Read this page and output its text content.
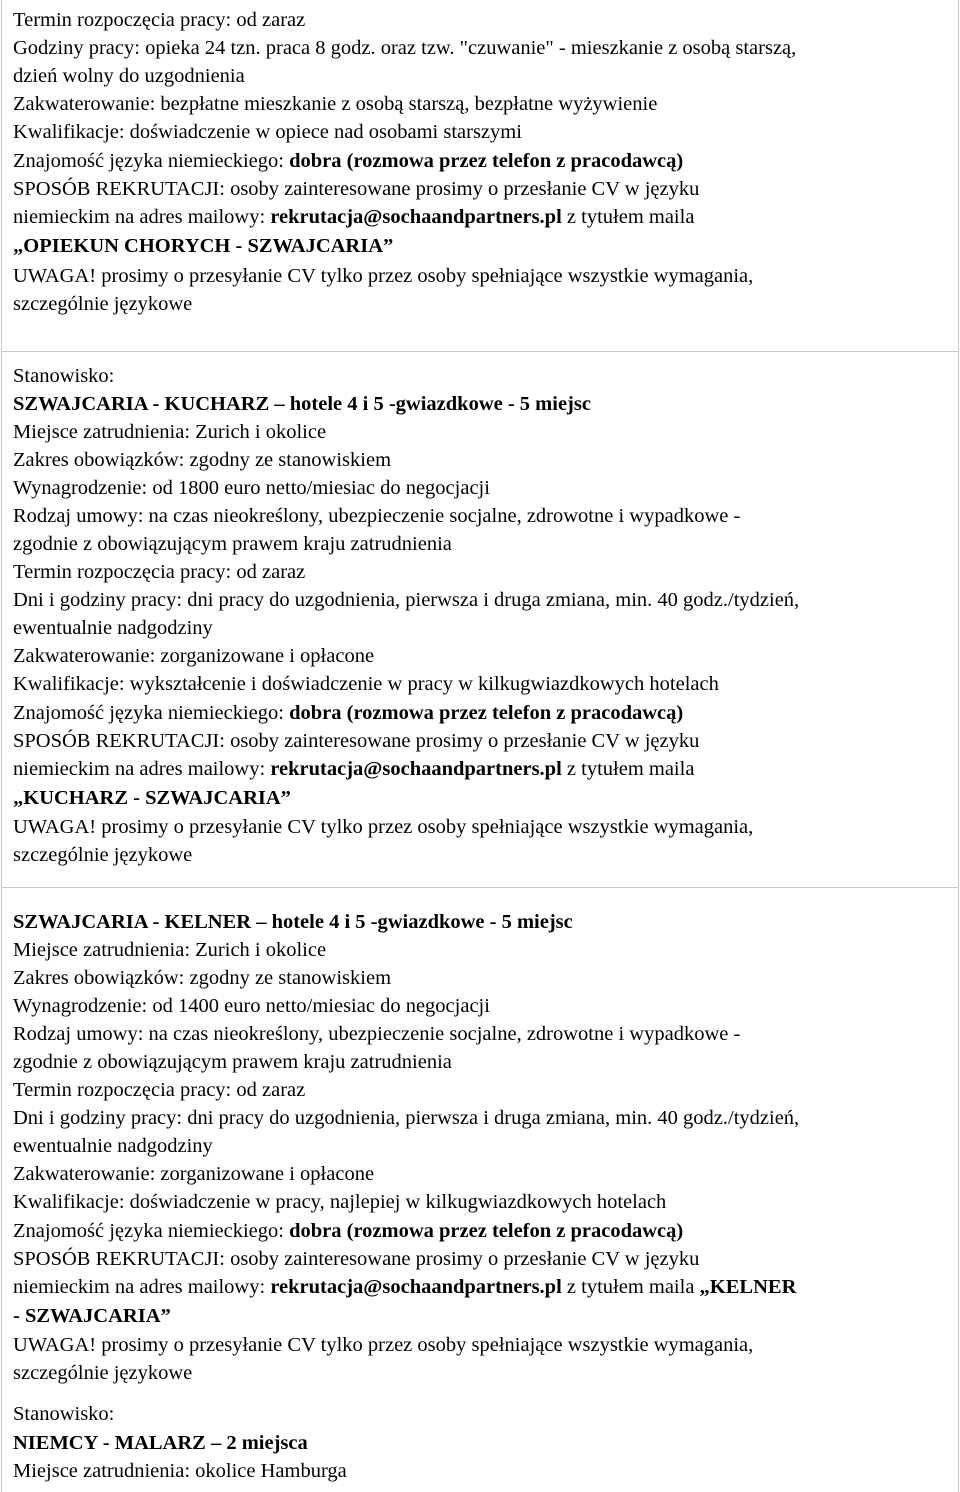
Termin rozpoczęcia pracy: od zaraz
Godziny pracy: opieka 24 tzn. praca 8 godz. oraz tzw. "czuwanie" - mieszkanie z osobą starszą,
dzień wolny do uzgodnienia
Zakwaterowanie: bezpłatne mieszkanie z osobą starszą, bezpłatne wyżywienie
Kwalifikacje: doświadczenie w opiece nad osobami starszymi
Znajomość języka niemieckiego: dobra (rozmowa przez telefon z pracodawcą)
SPOSÓB REKRUTACJI: osoby zainteresowane prosimy o przesłanie CV w języku
niemieckim na adres mailowy: rekrutacja@sochaandpartners.pl z tytułem maila
„OPIEKUN CHORYCH - SZWAJCARIA”
UWAGA! prosimy o przesyłanie CV tylko przez osoby spełniające wszystkie wymagania,
szczególnie językowe
Stanowisko:
SZWAJCARIA - KUCHARZ – hotele 4 i 5 -gwiazdkowe - 5 miejsc
Miejsce zatrudnienia: Zurich i okolice
Zakres obowiązków: zgodny ze stanowiskiem
Wynagrodzenie: od 1800 euro netto/miesiac do negocjacji
Rodzaj umowy: na czas nieokreślony, ubezpieczenie socjalne, zdrowotne i wypadkowe -
zgodnie z obowiązującym prawem kraju zatrudnienia
Termin rozpoczęcia pracy: od zaraz
Dni i godziny pracy: dni pracy do uzgodnienia, pierwsza i druga zmiana, min. 40 godz./tydzień,
ewentualnie nadgodziny
Zakwaterowanie: zorganizowane i opłacone
Kwalifikacje: wykształcenie i doświadczenie w pracy w kilkugwiazdkowych hotelach
Znajomość języka niemieckiego: dobra (rozmowa przez telefon z pracodawcą)
SPOSÓB REKRUTACJI: osoby zainteresowane prosimy o przesłanie CV w języku
niemieckim na adres mailowy: rekrutacja@sochaandpartners.pl z tytułem maila
„KUCHARZ - SZWAJCARIA”
UWAGA! prosimy o przesyłanie CV tylko przez osoby spełniające wszystkie wymagania,
szczególnie językowe
SZWAJCARIA - KELNER – hotele 4 i 5 -gwiazdkowe - 5 miejsc
Miejsce zatrudnienia: Zurich i okolice
Zakres obowiązków: zgodny ze stanowiskiem
Wynagrodzenie: od 1400 euro netto/miesiac do negocjacji
Rodzaj umowy: na czas nieokreślony, ubezpieczenie socjalne, zdrowotne i wypadkowe -
zgodnie z obowiązującym prawem kraju zatrudnienia
Termin rozpoczęcia pracy: od zaraz
Dni i godziny pracy: dni pracy do uzgodnienia, pierwsza i druga zmiana, min. 40 godz./tydzień,
ewentualnie nadgodziny
Zakwaterowanie: zorganizowane i opłacone
Kwalifikacje: doświadczenie w pracy, najlepiej w kilkugwiazdkowych hotelach
Znajomość języka niemieckiego: dobra (rozmowa przez telefon z pracodawcą)
SPOSÓB REKRUTACJI: osoby zainteresowane prosimy o przesłanie CV w języku
niemieckim na adres mailowy: rekrutacja@sochaandpartners.pl z tytułem maila „KELNER
- SZWAJCARIA”
UWAGA! prosimy o przesyłanie CV tylko przez osoby spełniające wszystkie wymagania,
szczególnie językowe
Stanowisko:
NIEMCY - MALARZ – 2 miejsca
Miejsce zatrudnienia: okolice Hamburga
